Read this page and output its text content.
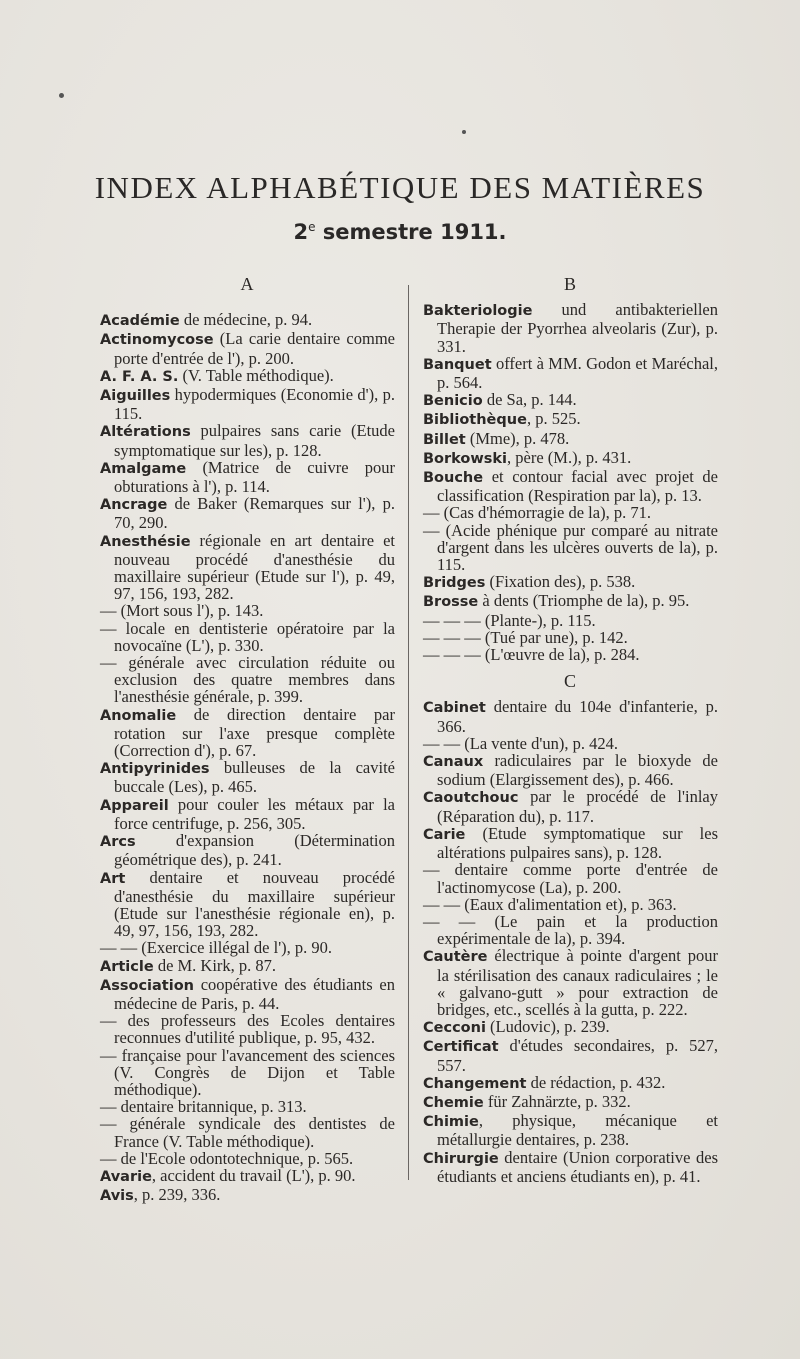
INDEX ALPHABÉTIQUE DES MATIÈRES
2e semestre 1911.
A

Académie de médecine, p. 94.

Actinomycose (La carie dentaire comme porte d'entrée de l'), p. 200.

A. F. A. S. (V. Table méthodique).

Aiguilles hypodermiques (Economie d'), p. 115.

Altérations pulpaires sans carie (Etude symptomatique sur les), p. 128.

Amalgame (Matrice de cuivre pour obturations à l'), p. 114.

Ancrage de Baker (Remarques sur l'), p. 70, 290.

Anesthésie régionale en art dentaire et nouveau procédé d'anesthésie du maxillaire supérieur (Etude sur l'), p. 49, 97, 156, 193, 282.

— (Mort sous l'), p. 143.

— locale en dentisterie opératoire par la novocaïne (L'), p. 330.

— générale avec circulation réduite ou exclusion des quatre membres dans l'anesthésie générale, p. 399.

Anomalie de direction dentaire par rotation sur l'axe presque complète (Correction d'), p. 67.

Antipyrinides bulleuses de la cavité buccale (Les), p. 465.

Appareil pour couler les métaux par la force centrifuge, p. 256, 305.

Arcs d'expansion (Détermination géométrique des), p. 241.

Art dentaire et nouveau procédé d'anesthésie du maxillaire supérieur (Etude sur l'anesthésie régionale en), p. 49, 97, 156, 193, 282.

— — (Exercice illégal de l'), p. 90.

Article de M. Kirk, p. 87.

Association coopérative des étudiants en médecine de Paris, p. 44.

— des professeurs des Ecoles dentaires reconnues d'utilité publique, p. 95, 432.

— française pour l'avancement des sciences (V. Congrès de Dijon et Table méthodique).

— dentaire britannique, p. 313.

— générale syndicale des dentistes de France (V. Table méthodique).

— de l'Ecole odontotechnique, p. 565.

Avarie, accident du travail (L'), p. 90.

Avis, p. 239, 336.

B

Bakteriologie und antibakteriellen Therapie der Pyorrhea alveolaris (Zur), p. 331.

Banquet offert à MM. Godon et Maréchal, p. 564.

Benicio de Sa, p. 144.

Bibliothèque, p. 525.

Billet (Mme), p. 478.

Borkowski, père (M.), p. 431.

Bouche et contour facial avec projet de classification (Respiration par la), p. 13.

— (Cas d'hémorragie de la), p. 71.

— (Acide phénique pur comparé au nitrate d'argent dans les ulcères ouverts de la), p. 115.

Bridges (Fixation des), p. 538.

Brosse à dents (Triomphe de la), p. 95.

— — — (Plante-), p. 115.

— — — (Tué par une), p. 142.

— — — (L'œuvre de la), p. 284.

C

Cabinet dentaire du 104e d'infanterie, p. 366.

— — (La vente d'un), p. 424.

Canaux radiculaires par le bioxyde de sodium (Elargissement des), p. 466.

Caoutchouc par le procédé de l'inlay (Réparation du), p. 117.

Carie (Etude symptomatique sur les altérations pulpaires sans), p. 128.

— dentaire comme porte d'entrée de l'actinomycose (La), p. 200.

— — (Eaux d'alimentation et), p. 363.

— — (Le pain et la production expérimentale de la), p. 394.

Cautère électrique à pointe d'argent pour la stérilisation des canaux radiculaires ; le « galvano-gutt » pour extraction de bridges, etc., scellés à la gutta, p. 222.

Cecconi (Ludovic), p. 239.

Certificat d'études secondaires, p. 527, 557.

Changement de rédaction, p. 432.

Chemie für Zahnärzte, p. 332.

Chimie, physique, mécanique et métallurgie dentaires, p. 238.

Chirurgie dentaire (Union corporative des étudiants et anciens étudiants en), p. 41.
